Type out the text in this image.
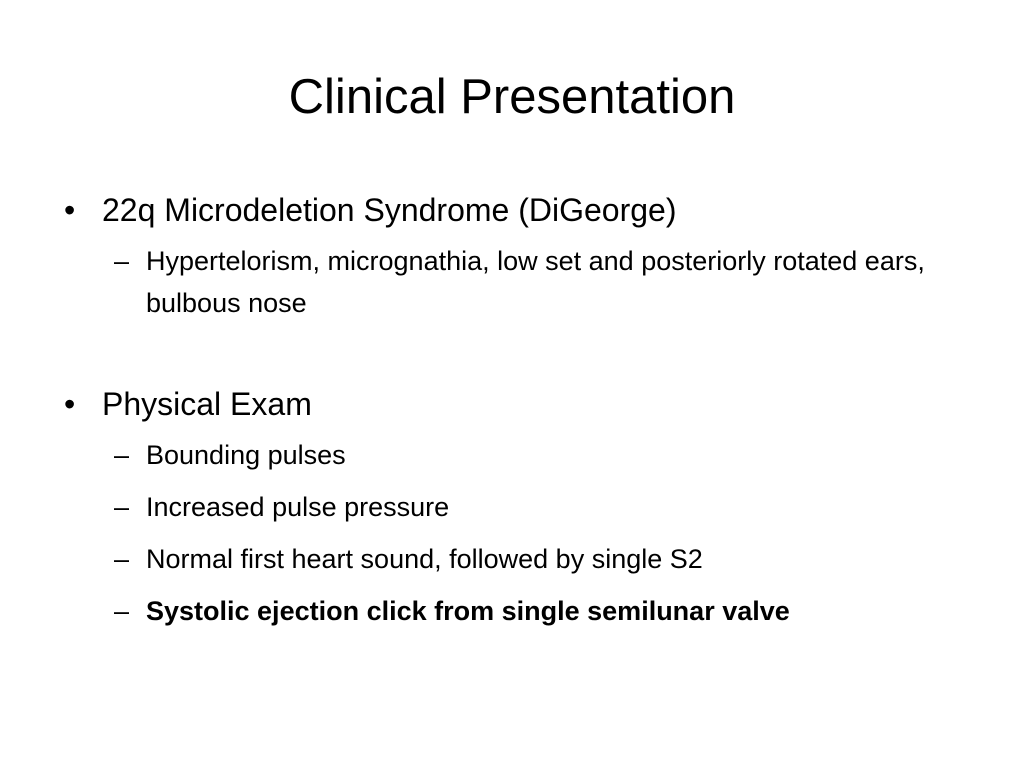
Clinical Presentation
• 22q Microdeletion Syndrome (DiGeorge)
– Hypertelorism, micrognathia, low set and posteriorly rotated ears, bulbous nose
• Physical Exam
– Bounding pulses
– Increased pulse pressure
– Normal first heart sound, followed by single S2
– Systolic ejection click from single semilunar valve
